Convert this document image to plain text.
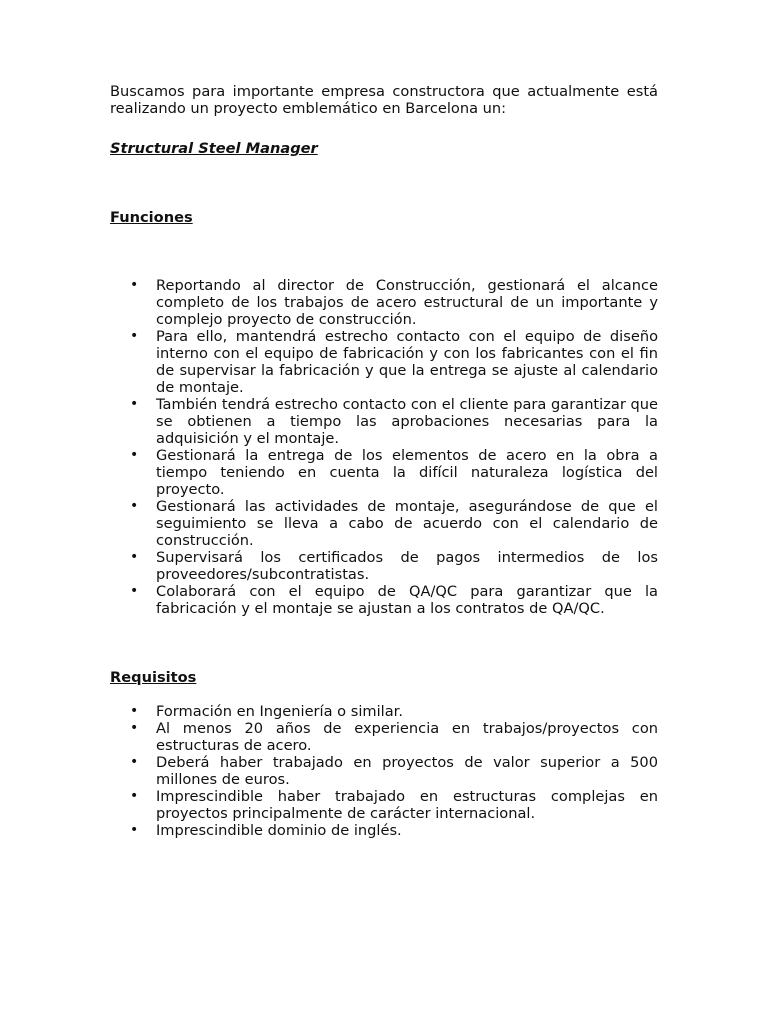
Buscamos para importante empresa constructora que actualmente está realizando un proyecto emblemático en Barcelona un:

Structural Steel Manager

Funciones

• Reportando al director de Construcción, gestionará el alcance completo de los trabajos de acero estructural de un importante y complejo proyecto de construcción.
• Para ello, mantendrá estrecho contacto con el equipo de diseño interno con el equipo de fabricación y con los fabricantes con el fin de supervisar la fabricación y que la entrega se ajuste al calendario de montaje.
• También tendrá estrecho contacto con el cliente para garantizar que se obtienen a tiempo las aprobaciones necesarias para la adquisición y el montaje.
• Gestionará la entrega de los elementos de acero en la obra a tiempo teniendo en cuenta la difícil naturaleza logística del proyecto.
• Gestionará las actividades de montaje, asegurándose de que el seguimiento se lleva a cabo de acuerdo con el calendario de construcción.
• Supervisará los certificados de pagos intermedios de los proveedores/subcontratistas.
• Colaborará con el equipo de QA/QC para garantizar que la fabricación y el montaje se ajustan a los contratos de QA/QC.

Requisitos

• Formación en Ingeniería o similar.
• Al menos 20 años de experiencia en trabajos/proyectos con estructuras de acero.
• Deberá haber trabajado en proyectos de valor superior a 500 millones de euros.
• Imprescindible haber trabajado en estructuras complejas en proyectos principalmente de carácter internacional.
• Imprescindible dominio de inglés.
